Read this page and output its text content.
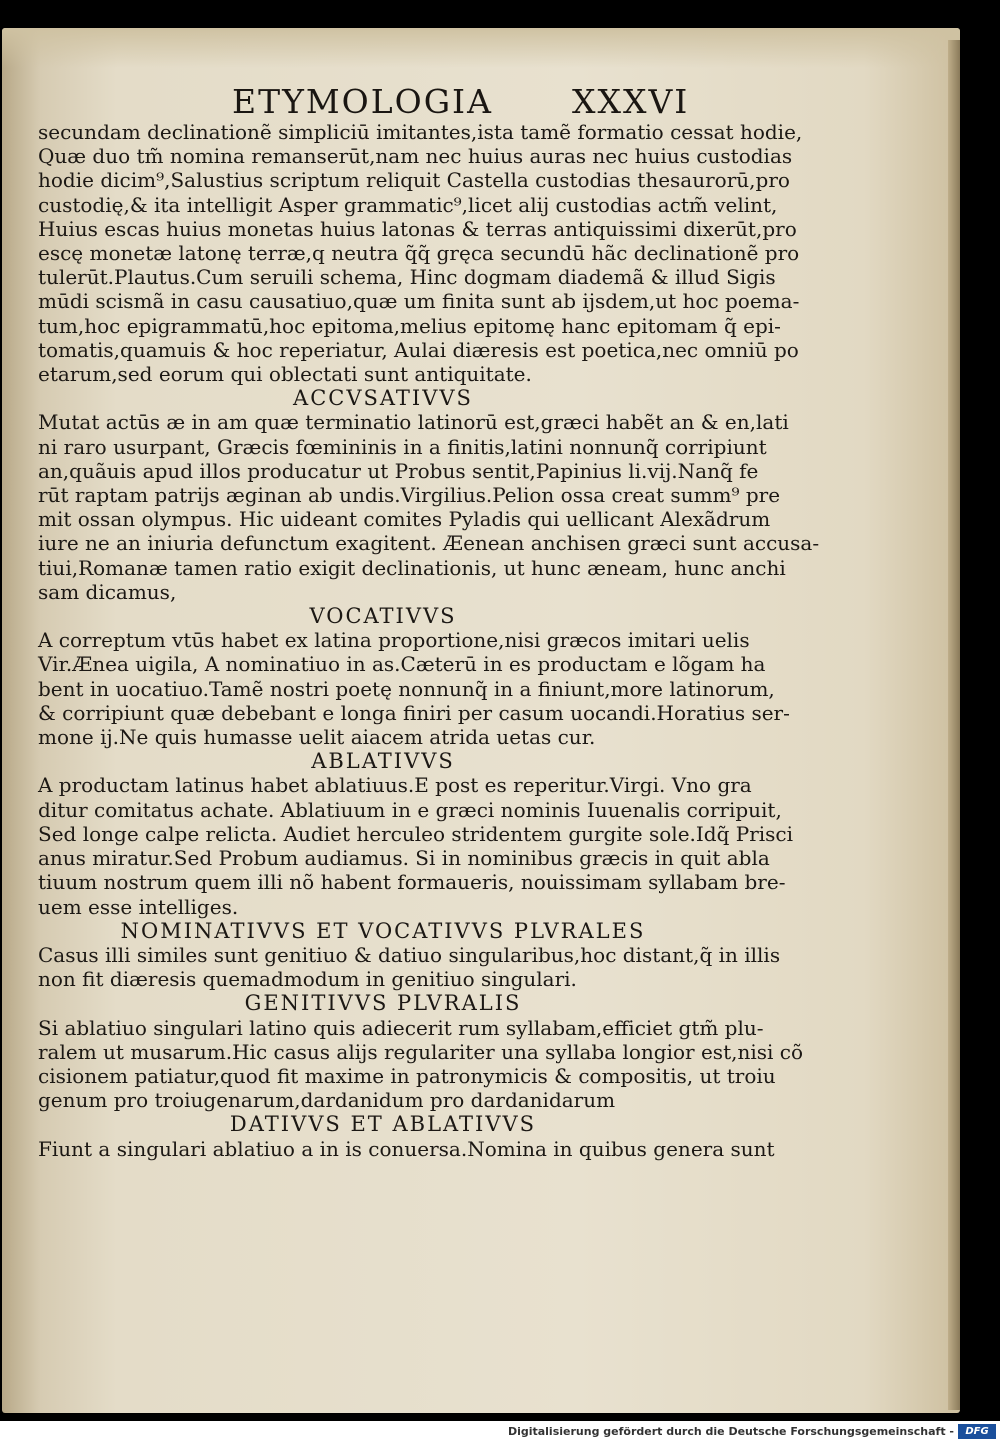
ETYMOLOGIA XXXVI
secundam declinationẽ simpliciū imitantes,ista tamẽ formatio cessat hodie,
Quæ duo tm̃ nomina remanserūt,nam nec huius auras nec huius custodias
hodie dicim⁹,Salustius scriptum reliquit Castella custodias thesaurorū,pro
custodię,& ita intelligit Asper grammatic⁹,licet alij custodias actm̃ velint,
Huius escas huius monetas huius latonas & terras antiquissimi dixerūt,pro
escę monetæ latonę terræ,q neutra q̃q̃ gręca secundū hãc declinationẽ pro
tulerūt.Plautus.Cum seruili schema, Hinc dogmam diademã & illud Sigis
mūdi scismã in casu causatiuo,quæ um finita sunt ab ijsdem,ut hoc poema-
tum,hoc epigrammatū,hoc epitoma,melius epitomę hanc epitomam q̃ epi-
tomatis,quamuis & hoc reperiatur, Aulai diæresis est poetica,nec omniū po
etarum,sed eorum qui oblectati sunt antiquitate.
ACCVSATIVVS
Mutat actūs æ in am quæ terminatio latinorū est,græci habẽt an & en,lati
ni raro usurpant, Græcis fœmininis in a finitis,latini nonnunq̃ corripiunt
an,quãuis apud illos producatur ut Probus sentit,Papinius li.vij.Nanq̃ fe
rūt raptam patrijs æginan ab undis.Virgilius.Pelion ossa creat summ⁹ pre
mit ossan olympus. Hic uideant comites Pyladis qui uellicant Alexãdrum
iure ne an iniuria defunctum exagitent. Æenean anchisen græci sunt accusa-
tiui,Romanæ tamen ratio exigit declinationis, ut hunc æneam, hunc anchi
sam dicamus,
VOCATIVVS
A correptum vtūs habet ex latina proportione,nisi græcos imitari uelis
Vir.Ænea uigila, A nominatiuo in as.Cæterū in es productam e lõgam ha
bent in uocatiuo.Tamẽ nostri poetę nonnunq̃ in a finiunt,more latinorum,
& corripiunt quæ debebant e longa finiri per casum uocandi.Horatius ser-
mone ij.Ne quis humasse uelit aiacem atrida uetas cur.
ABLATIVVS
A productam latinus habet ablatiuus.E post es reperitur.Virgi. Vno gra
ditur comitatus achate. Ablatiuum in e græci nominis Iuuenalis corripuit,
Sed longe calpe relicta. Audiet herculeo stridentem gurgite sole.Idq̃ Prisci
anus miratur.Sed Probum audiamus. Si in nominibus græcis in quit abla
tiuum nostrum quem illi nõ habent formaueris, nouissimam syllabam bre-
uem esse intelliges.
NOMINATIVVS ET VOCATIVVS PLVRALES
Casus illi similes sunt genitiuo & datiuo singularibus,hoc distant,q̃ in illis
non fit diæresis quemadmodum in genitiuo singulari.
GENITIVVS PLVRALIS
Si ablatiuo singulari latino quis adiecerit rum syllabam,efficiet gtm̃ plu-
ralem ut musarum.Hic casus alijs regulariter una syllaba longior est,nisi cõ
cisionem patiatur,quod fit maxime in patronymicis & compositis, ut troiu
genum pro troiugenarum,dardanidum pro dardanidarum
DATIVVS ET ABLATIVVS
Fiunt a singulari ablatiuo a in is conuersa.Nomina in quibus genera sunt
Digitalisierung gefördert durch die Deutsche Forschungsgemeinschaft -	DFG
